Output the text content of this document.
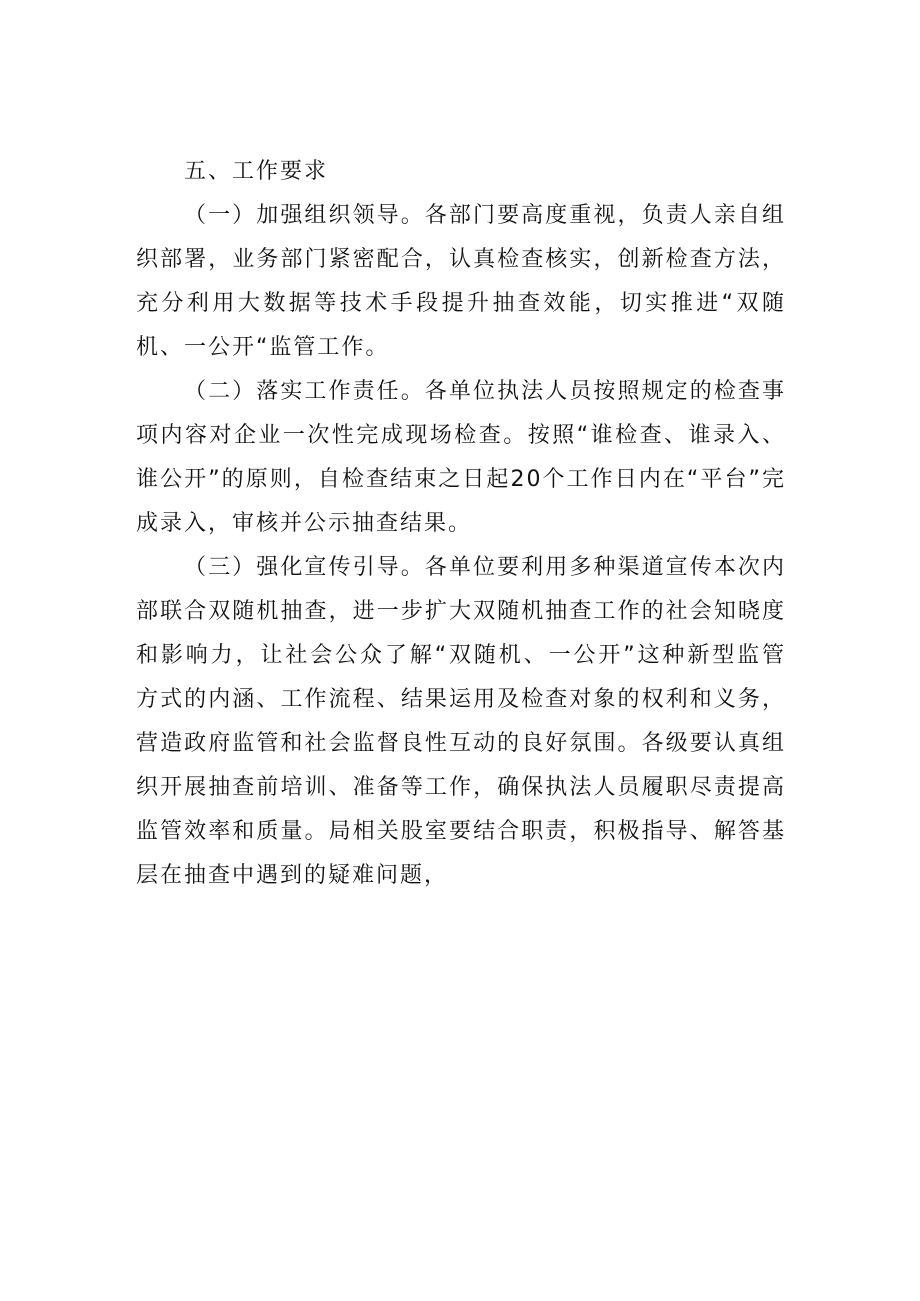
五、工作要求

（一）加强组织领导。各部门要高度重视，负责人亲自组织部署，业务部门紧密配合，认真检查核实，创新检查方法，充分利用大数据等技术手段提升抽查效能，切实推进“双随机、一公开“监管工作。

（二）落实工作责任。各单位执法人员按照规定的检查事项内容对企业一次性完成现场检查。按照“谁检查、谁录入、谁公开”的原则，自检查结束之日起20个工作日内在“平台”完成录入，审核并公示抽查结果。

（三）强化宣传引导。各单位要利用多种渠道宣传本次内部联合双随机抽查，进一步扩大双随机抽查工作的社会知晓度和影响力，让社会公众了解“双随机、一公开”这种新型监管方式的内涵、工作流程、结果运用及检查对象的权利和义务，营造政府监管和社会监督良性互动的良好氛围。各级要认真组织开展抽查前培训、准备等工作，确保执法人员履职尽责提高监管效率和质量。局相关股室要结合职责，积极指导、解答基层在抽查中遇到的疑难问题，
